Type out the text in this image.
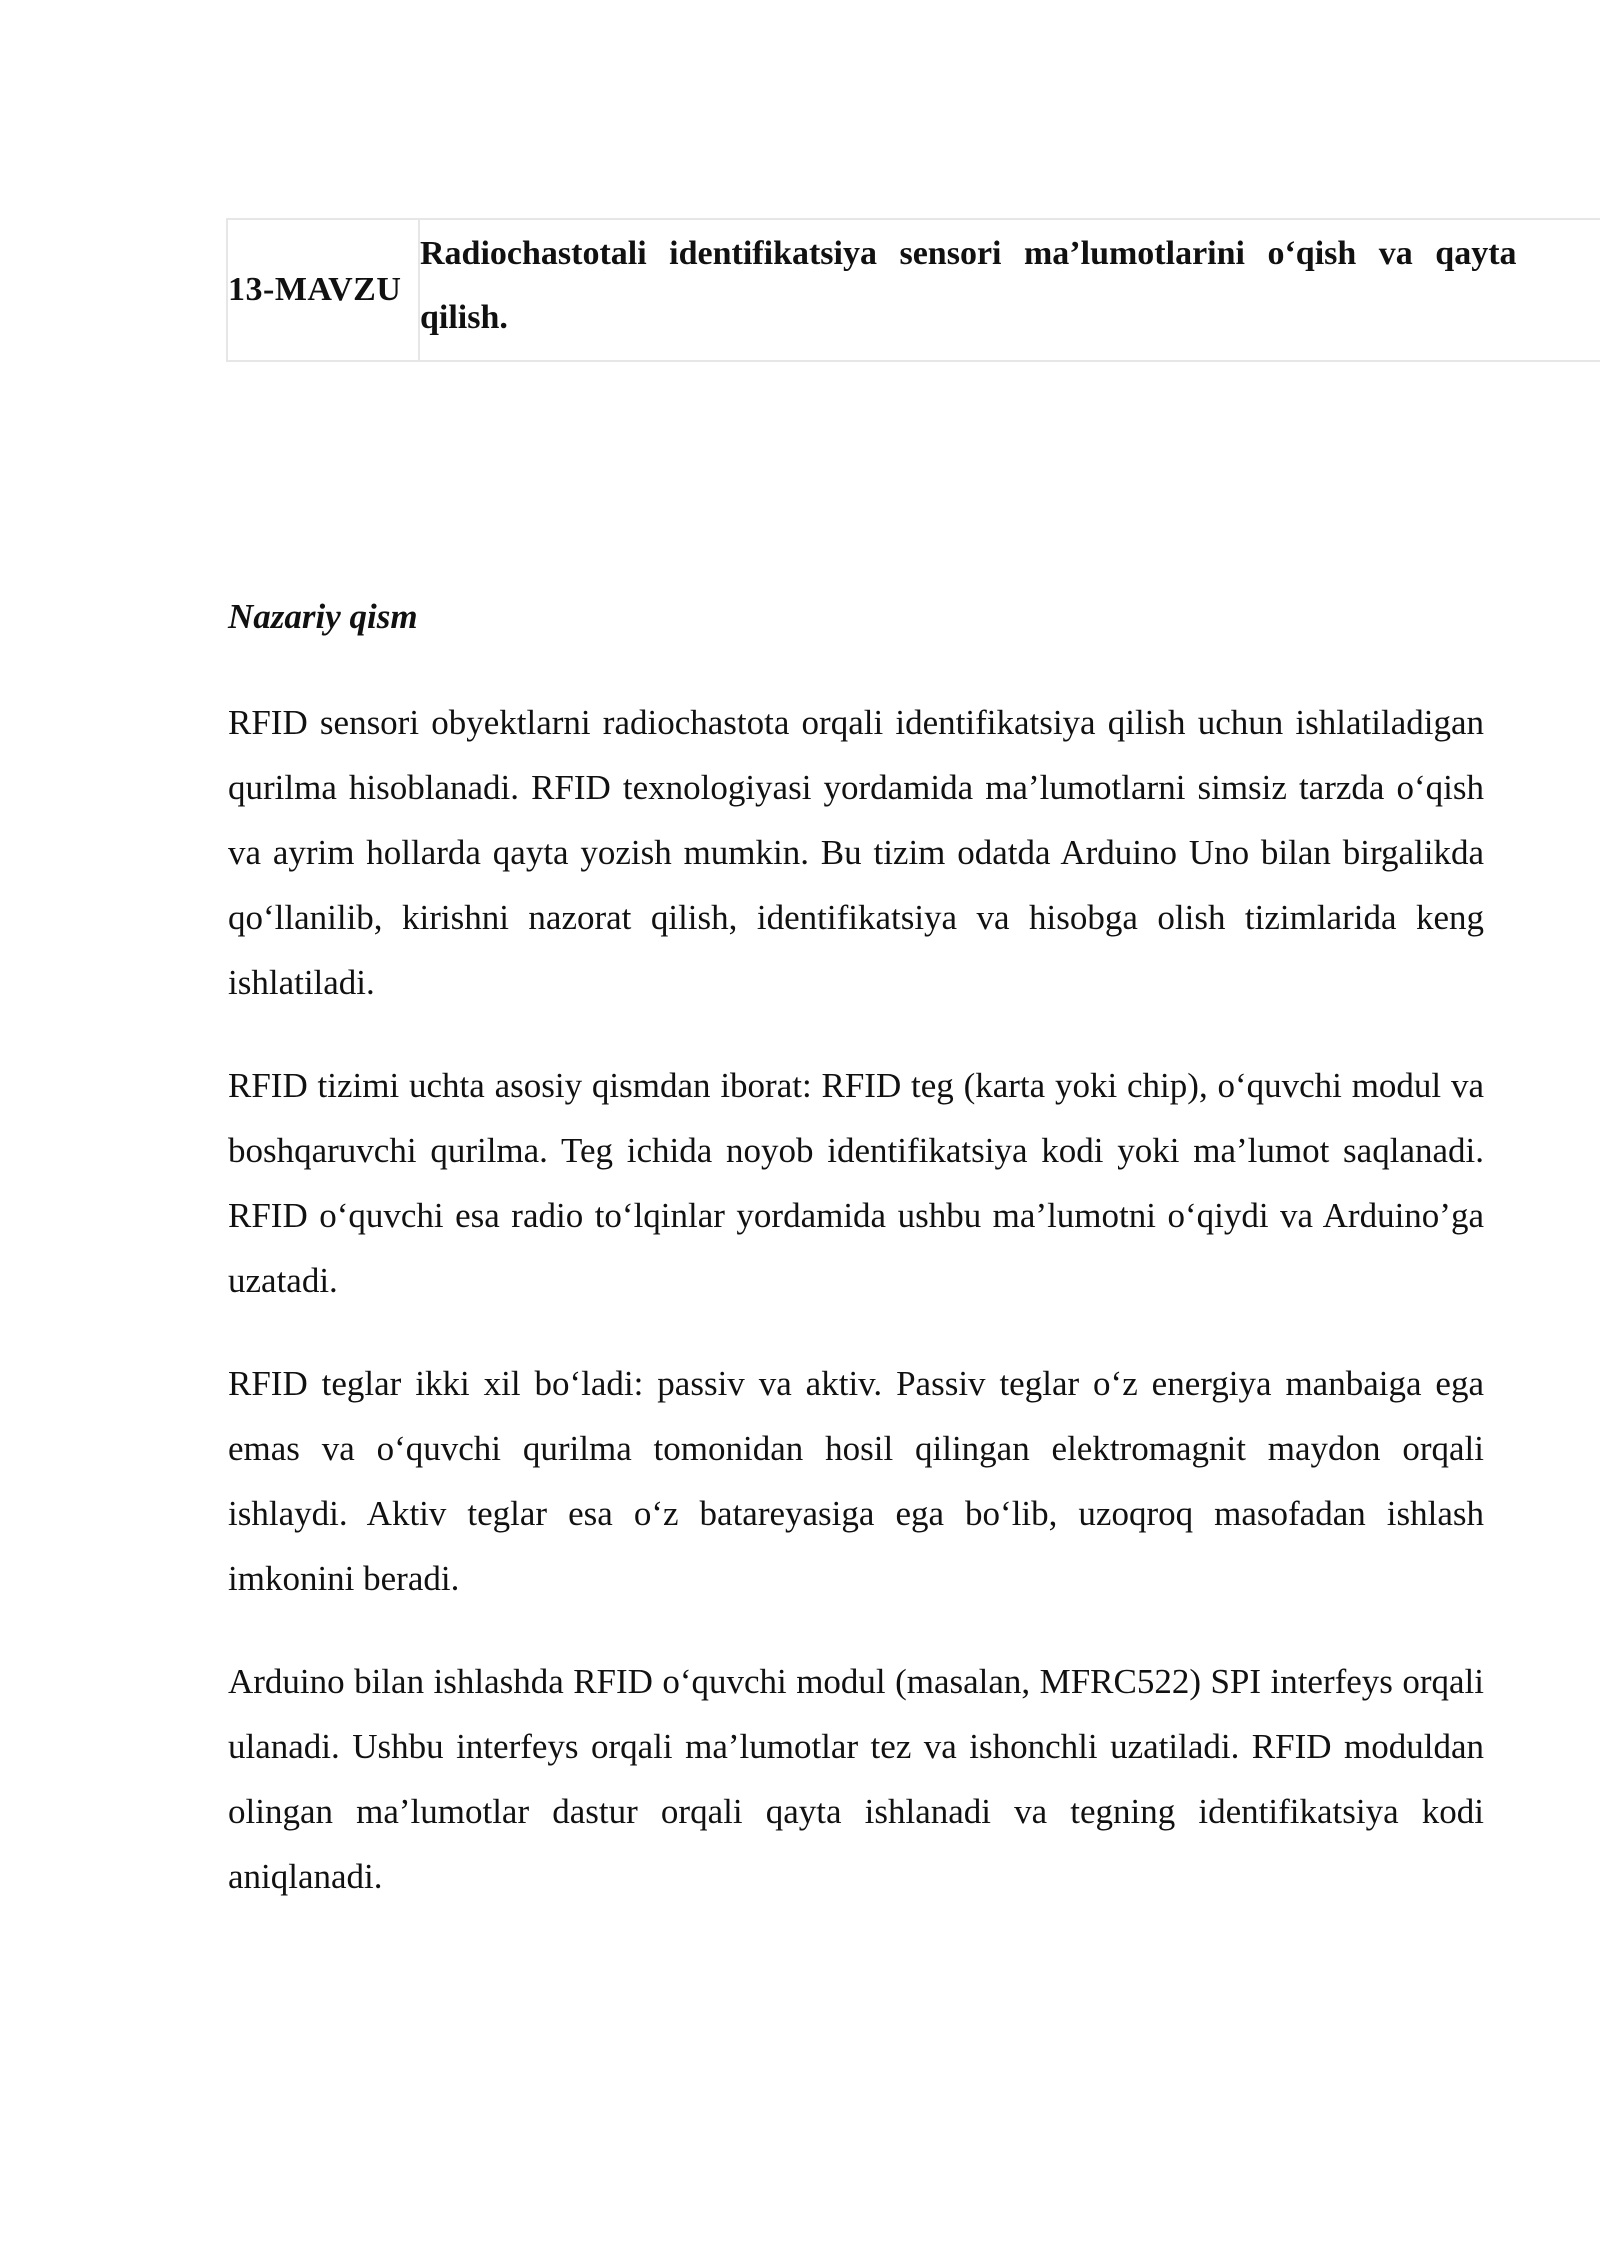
13-MAVZU
Radiochastotali identifikatsiya sensori ma’lumotlarini o‘qish va qayta
qilish.
Nazariy qism

RFID sensori obyektlarni radiochastota orqali identifikatsiya qilish uchun ishlatiladigan qurilma hisoblanadi. RFID texnologiyasi yordamida ma’lumotlarni simsiz tarzda o‘qish va ayrim hollarda qayta yozish mumkin. Bu tizim odatda Arduino Uno bilan birgalikda qo‘llanilib, kirishni nazorat qilish, identifikatsiya va hisobga olish tizimlarida keng ishlatiladi.

RFID tizimi uchta asosiy qismdan iborat: RFID teg (karta yoki chip), o‘quvchi modul va boshqaruvchi qurilma. Teg ichida noyob identifikatsiya kodi yoki ma’lumot saqlanadi. RFID o‘quvchi esa radio to‘lqinlar yordamida ushbu ma’lumotni o‘qiydi va Arduino’ga uzatadi.

RFID teglar ikki xil bo‘ladi: passiv va aktiv. Passiv teglar o‘z energiya manbaiga ega emas va o‘quvchi qurilma tomonidan hosil qilingan elektromagnit maydon orqali ishlaydi. Aktiv teglar esa o‘z batareyasiga ega bo‘lib, uzoqroq masofadan ishlash imkonini beradi.

Arduino bilan ishlashda RFID o‘quvchi modul (masalan, MFRC522) SPI interfeys orqali ulanadi. Ushbu interfeys orqali ma’lumotlar tez va ishonchli uzatiladi. RFID moduldan olingan ma’lumotlar dastur orqali qayta ishlanadi va tegning identifikatsiya kodi aniqlanadi.
